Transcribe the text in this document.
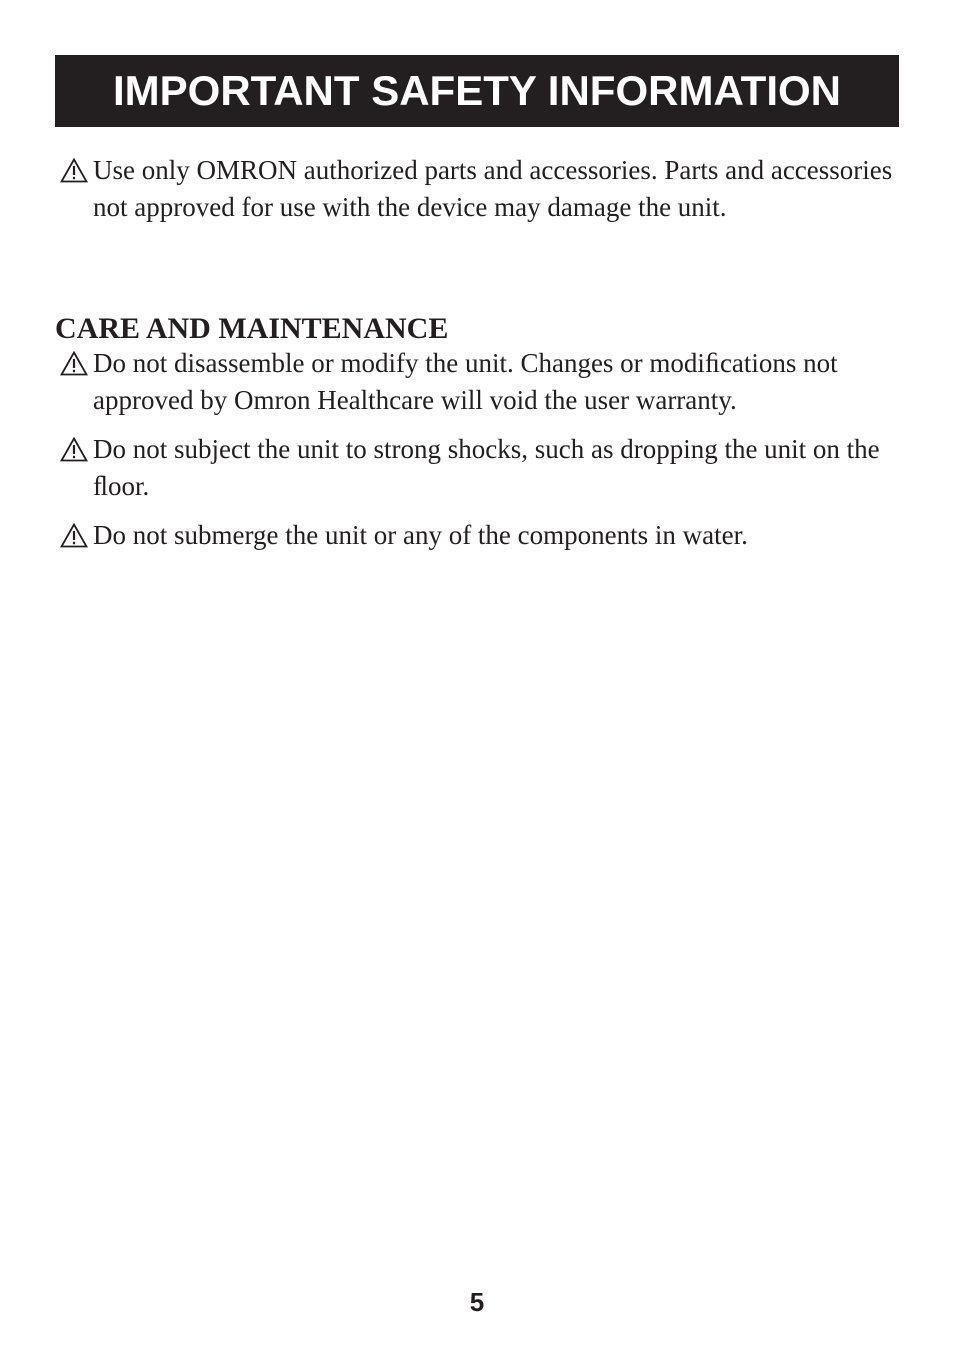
IMPORTANT SAFETY INFORMATION
Use only OMRON authorized parts and accessories. Parts and accessories not approved for use with the device may damage the unit.
CARE AND MAINTENANCE
Do not disassemble or modify the unit. Changes or modiﬁcations not approved by Omron Healthcare will void the user warranty.
Do not subject the unit to strong shocks, such as dropping the unit on the ﬂoor.
Do not submerge the unit or any of the components in water.
5
